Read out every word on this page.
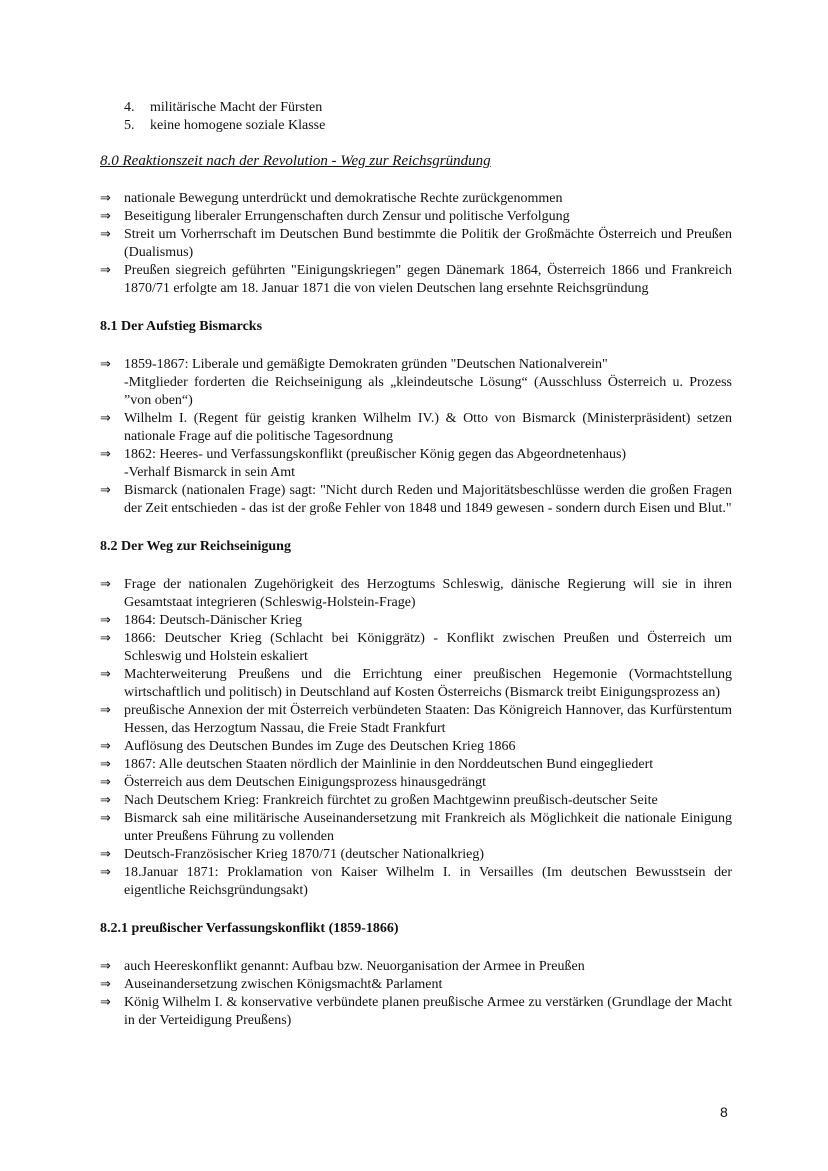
4.	militärische Macht der Fürsten
5.	keine homogene soziale Klasse
8.0 Reaktionszeit nach der Revolution - Weg zur Reichsgründung
⇒ nationale Bewegung unterdrückt und demokratische Rechte zurückgenommen
⇒ Beseitigung liberaler Errungenschaften durch Zensur und politische Verfolgung
⇒ Streit um Vorherrschaft im Deutschen Bund bestimmte die Politik der Großmächte Österreich und Preußen (Dualismus)
⇒ Preußen siegreich geführten "Einigungskriegen" gegen Dänemark 1864, Österreich 1866 und Frankreich 1870/71 erfolgte am 18. Januar 1871 die von vielen Deutschen lang ersehnte Reichsgründung
8.1 Der Aufstieg Bismarcks
⇒ 1859-1867: Liberale und gemäßigte Demokraten gründen "Deutschen Nationalverein"
-Mitglieder forderten die Reichseinigung als „kleindeutsche Lösung“ (Ausschluss Österreich u. Prozess ”von oben“)
⇒ Wilhelm I. (Regent für geistig kranken Wilhelm IV.) & Otto von Bismarck (Ministerpräsident) setzen nationale Frage auf die politische Tagesordnung
⇒ 1862: Heeres- und Verfassungskonflikt (preußischer König gegen das Abgeordnetenhaus)
-Verhalf Bismarck in sein Amt
⇒ Bismarck (nationalen Frage) sagt: "Nicht durch Reden und Majoritätsbeschlüsse werden die großen Fragen der Zeit entschieden - das ist der große Fehler von 1848 und 1849 gewesen - sondern durch Eisen und Blut."
8.2 Der Weg zur Reichseinigung
⇒ Frage der nationalen Zugehörigkeit des Herzogtums Schleswig, dänische Regierung will sie in ihren Gesamtstaat integrieren (Schleswig-Holstein-Frage)
⇒ 1864: Deutsch-Dänischer Krieg
⇒ 1866: Deutscher Krieg (Schlacht bei Königgrätz) - Konflikt zwischen Preußen und Österreich um Schleswig und Holstein eskaliert
⇒ Machterweiterung Preußens und die Errichtung einer preußischen Hegemonie (Vormachtstellung wirtschaftlich und politisch) in Deutschland auf Kosten Österreichs (Bismarck treibt Einigungsprozess an)
⇒ preußische Annexion der mit Österreich verbündeten Staaten: Das Königreich Hannover, das Kurfürstentum Hessen, das Herzogtum Nassau, die Freie Stadt Frankfurt
⇒ Auflösung des Deutschen Bundes im Zuge des Deutschen Krieg 1866
⇒ 1867: Alle deutschen Staaten nördlich der Mainlinie in den Norddeutschen Bund eingegliedert
⇒ Österreich aus dem Deutschen Einigungsprozess hinausgedrängt
⇒ Nach Deutschem Krieg: Frankreich fürchtet zu großen Machtgewinn preußisch-deutscher Seite
⇒ Bismarck sah eine militärische Auseinandersetzung mit Frankreich als Möglichkeit die nationale Einigung unter Preußens Führung zu vollenden
⇒ Deutsch-Französischer Krieg 1870/71 (deutscher Nationalkrieg)
⇒ 18.Januar 1871: Proklamation von Kaiser Wilhelm I. in Versailles (Im deutschen Bewusstsein der eigentliche Reichsgründungsakt)
8.2.1 preußischer Verfassungskonflikt (1859-1866)
⇒ auch Heereskonflikt genannt: Aufbau bzw. Neuorganisation der Armee in Preußen
⇒ Auseinandersetzung zwischen Königsmacht& Parlament
⇒ König Wilhelm I. & konservative verbündete planen preußische Armee zu verstärken (Grundlage der Macht in der Verteidigung Preußens)
8
